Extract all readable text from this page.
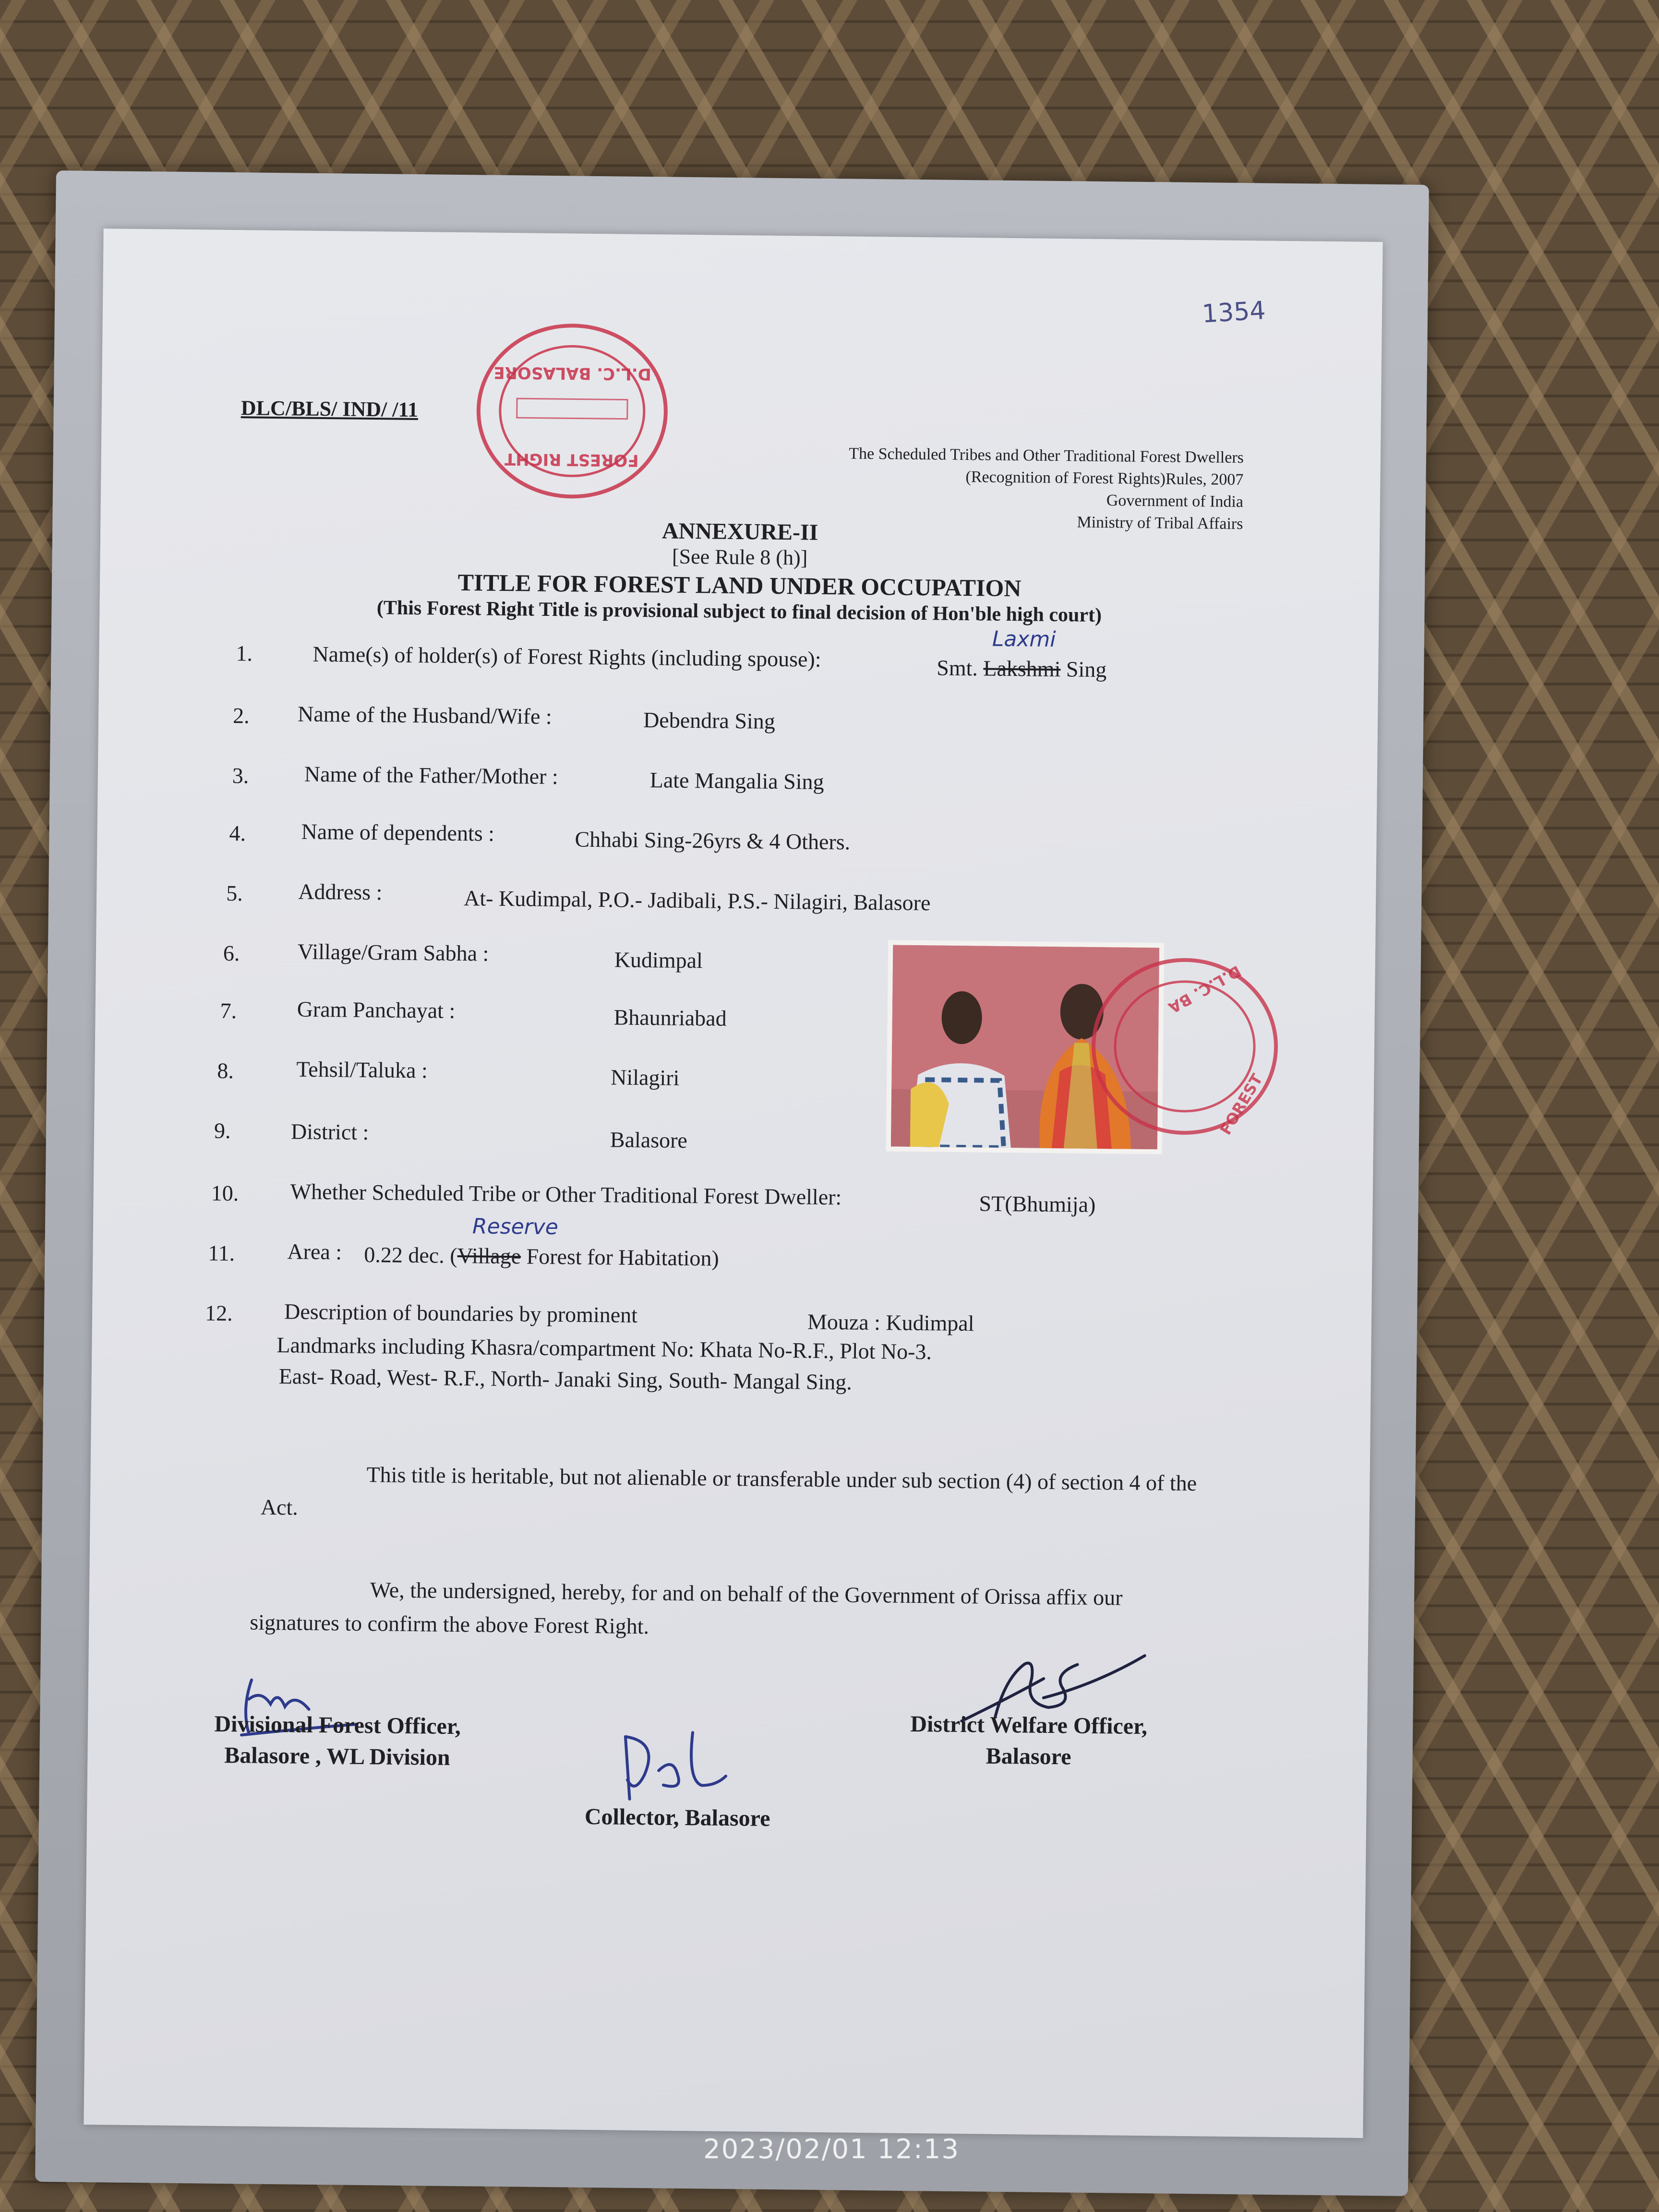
1354
D.L.C. BALASORE
FOREST RIGHT
DLC/BLS/ IND/ /11
The Scheduled Tribes and Other Traditional Forest Dwellers
(Recognition of Forest Rights)Rules, 2007
Government of India
Ministry of Tribal Affairs
ANNEXURE-II
[See Rule 8 (h)]
TITLE FOR FOREST LAND UNDER OCCUPATION
(This Forest Right Title is provisional subject to final decision of Hon'ble high court)
1.	Name(s) of holder(s) of Forest Rights (including spouse):	Smt. Lakshmi Sing
Laxmi
2. Name of the Husband/Wife :	Debendra Sing
3.	Name of the Father/Mother :	Late Mangalia Sing
4.	Name of dependents :	Chhabi Sing-26yrs & 4 Others.
5.	Address :	At- Kudimpal, P.O.- Jadibali, P.S.- Nilagiri, Balasore
6.	Village/Gram Sabha :	Kudimpal
7.	Gram Panchayat :	Bhaunriabad
8.	Tehsil/Taluka :	Nilagiri
9.	District :	Balasore
D.L.C. BA
FOREST
10. Whether Scheduled Tribe or Other Traditional Forest Dweller:	ST(Bhumija)
11. Area : 0.22 dec. (Village Forest for Habitation)
Reserve
12. Description of boundaries by prominent	Mouza : Kudimpal
Landmarks including Khasra/compartment No: Khata No-R.F., Plot No-3.
East- Road, West- R.F., North- Janaki Sing, South- Mangal Sing.
This title is heritable, but not alienable or transferable under sub section (4) of section 4 of the Act.
We, the undersigned, hereby, for and on behalf of the Government of Orissa affix our signatures to confirm the above Forest Right.
Divisional Forest Officer,
Balasore , WL Division
District Welfare Officer,
Balasore
Collector, Balasore
2023/02/01 12:13
